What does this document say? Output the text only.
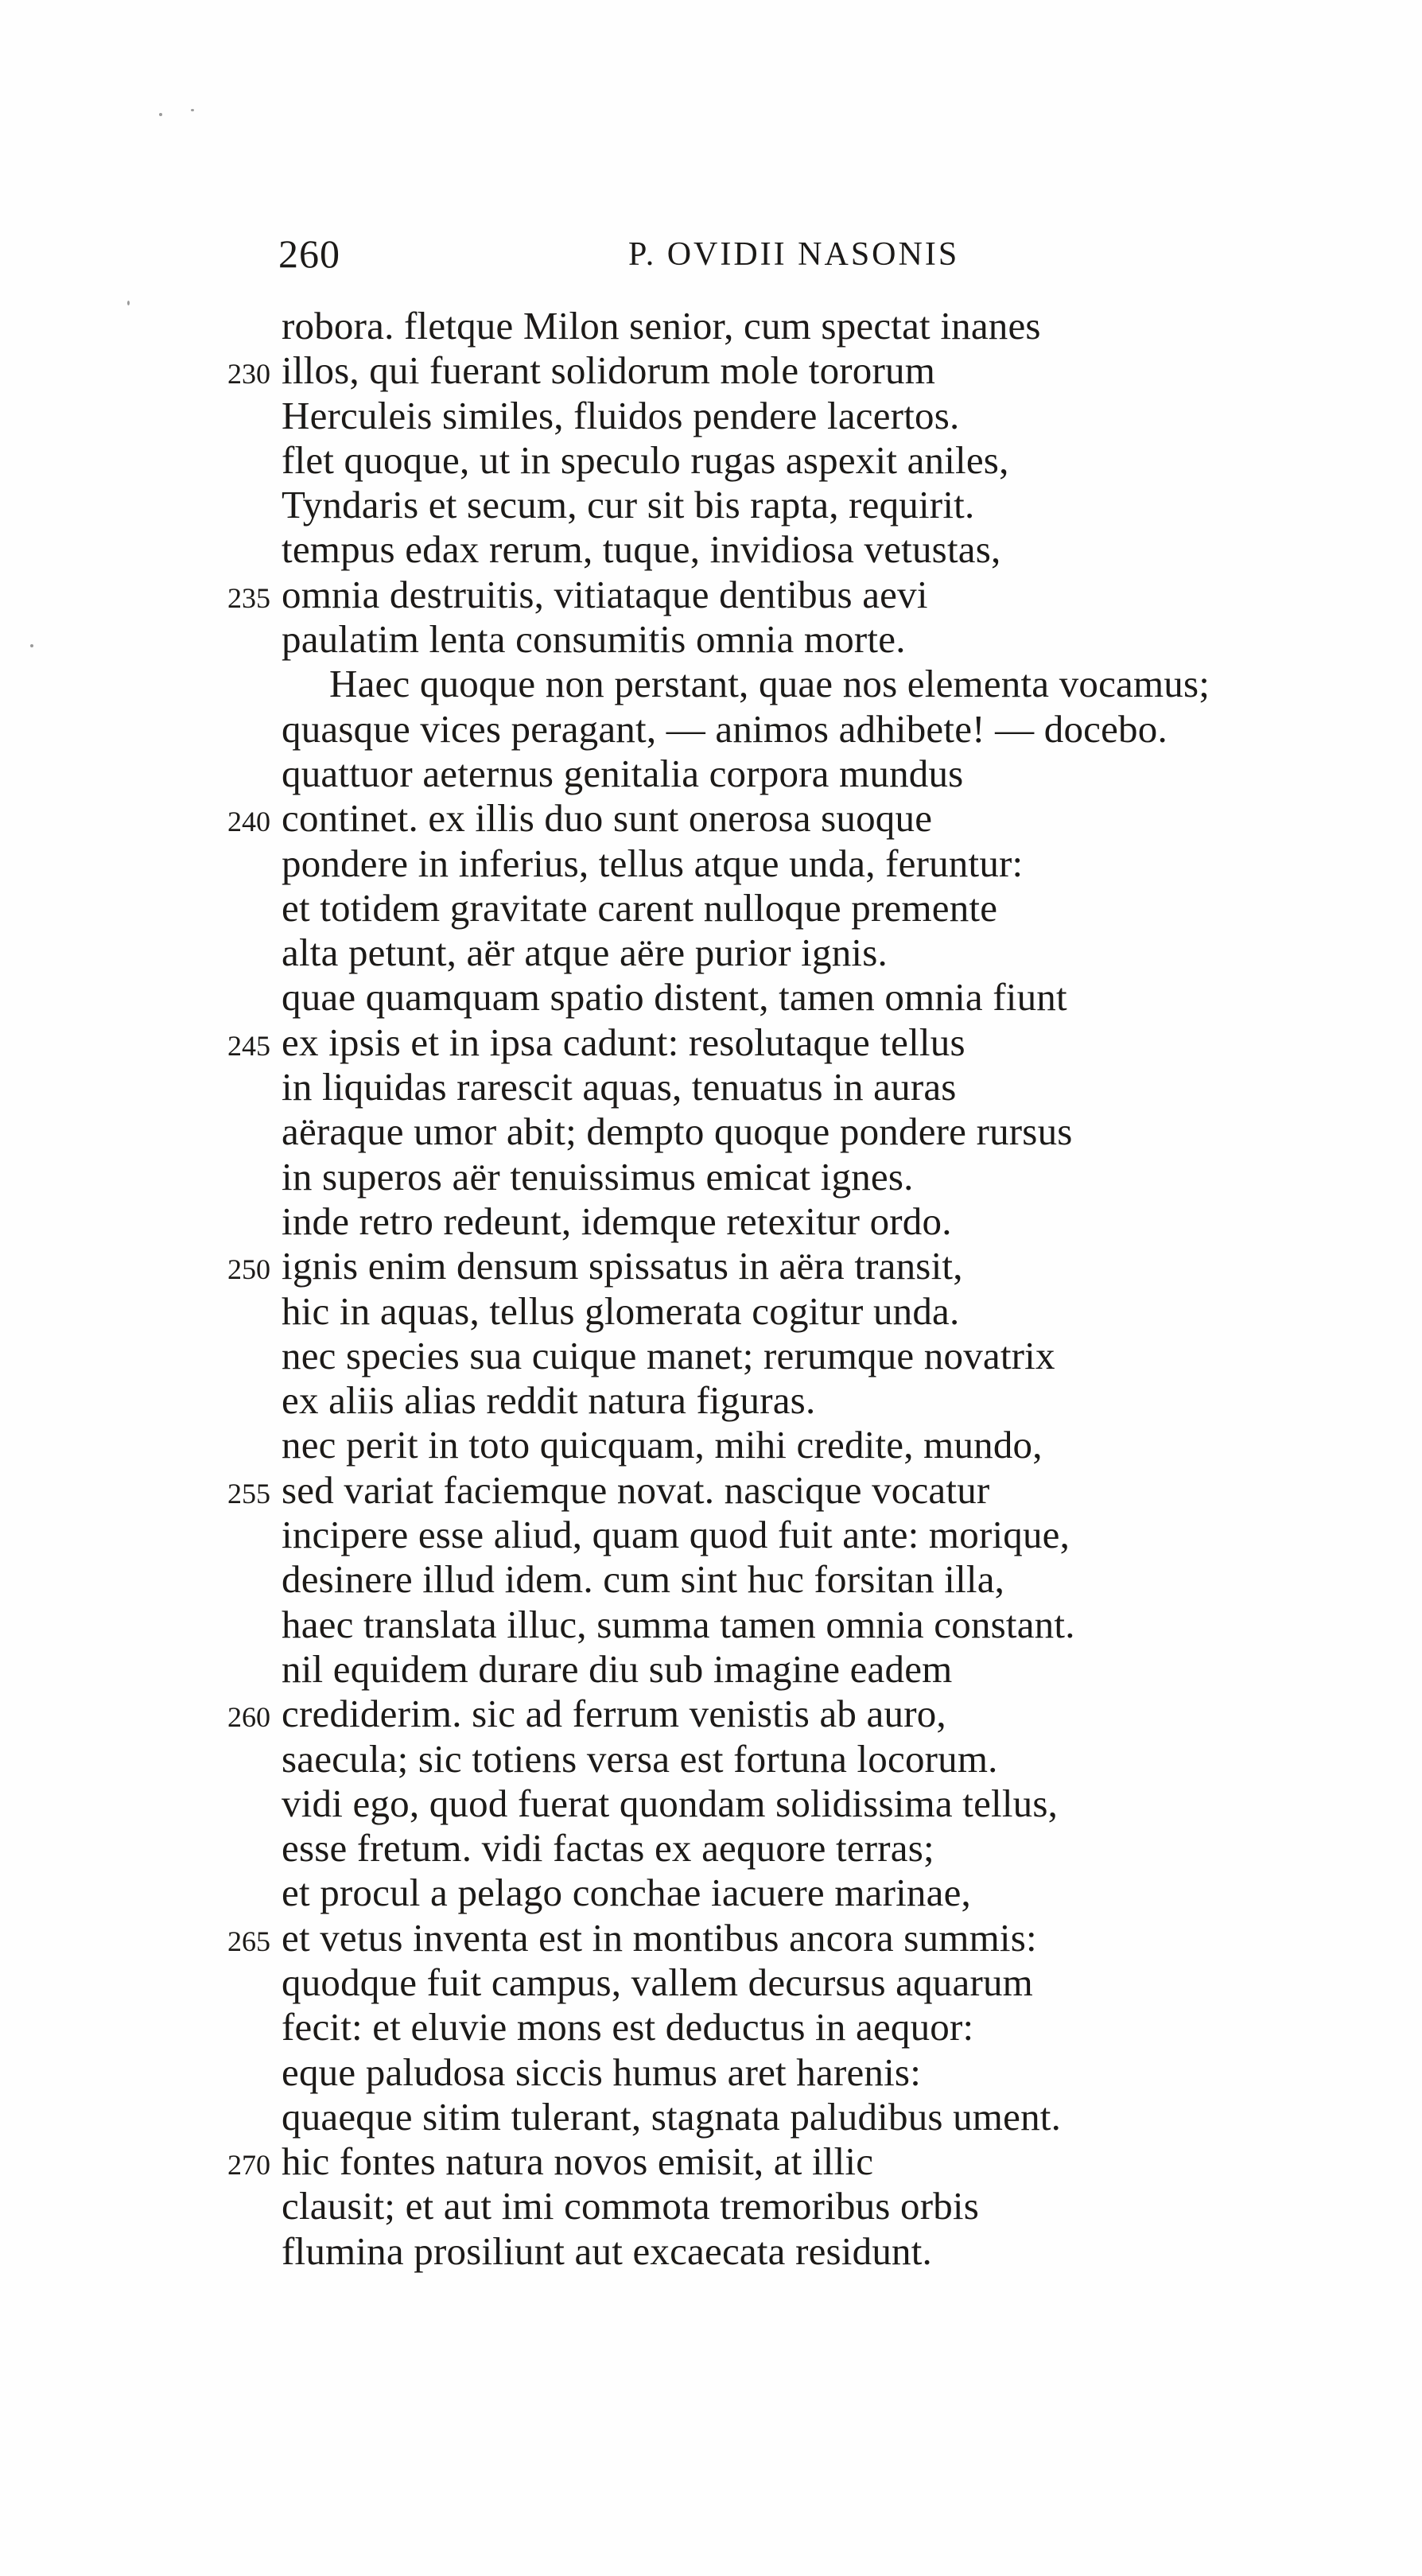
260	P. OVIDII NASONIS
robora. fletque Milon senior, cum spectat inanes
230 illos, qui fuerant solidorum mole tororum
Herculeis similes, fluidos pendere lacertos.
flet quoque, ut in speculo rugas aspexit aniles,
Tyndaris et secum, cur sit bis rapta, requirit.
tempus edax rerum, tuque, invidiosa vetustas,
235 omnia destruitis, vitiataque dentibus aevi
paulatim lenta consumitis omnia morte.
Haec quoque non perstant, quae nos elementa vocamus;
quasque vices peragant, — animos adhibete! — docebo.
quattuor aeternus genitalia corpora mundus
240 continet. ex illis duo sunt onerosa suoque
pondere in inferius, tellus atque unda, feruntur:
et totidem gravitate carent nulloque premente
alta petunt, aër atque aëre purior ignis.
quae quamquam spatio distent, tamen omnia fiunt
245 ex ipsis et in ipsa cadunt: resolutaque tellus
in liquidas rarescit aquas, tenuatus in auras
aëraque umor abit; dempto quoque pondere rursus
in superos aër tenuissimus emicat ignes.
inde retro redeunt, idemque retexitur ordo.
250 ignis enim densum spissatus in aëra transit,
hic in aquas, tellus glomerata cogitur unda.
nec species sua cuique manet; rerumque novatrix
ex aliis alias reddit natura figuras.
nec perit in toto quicquam, mihi credite, mundo,
255 sed variat faciemque novat. nascique vocatur
incipere esse aliud, quam quod fuit ante: morique,
desinere illud idem. cum sint huc forsitan illa,
haec translata illuc, summa tamen omnia constant.
nil equidem durare diu sub imagine eadem
260 crediderim. sic ad ferrum venistis ab auro,
saecula; sic totiens versa est fortuna locorum.
vidi ego, quod fuerat quondam solidissima tellus,
esse fretum. vidi factas ex aequore terras;
et procul a pelago conchae iacuere marinae,
265 et vetus inventa est in montibus ancora summis:
quodque fuit campus, vallem decursus aquarum
fecit: et eluvie mons est deductus in aequor:
eque paludosa siccis humus aret harenis:
quaeque sitim tulerant, stagnata paludibus ument.
270 hic fontes natura novos emisit, at illic
clausit; et aut imi commota tremoribus orbis
flumina prosiliunt aut excaecata residunt.
